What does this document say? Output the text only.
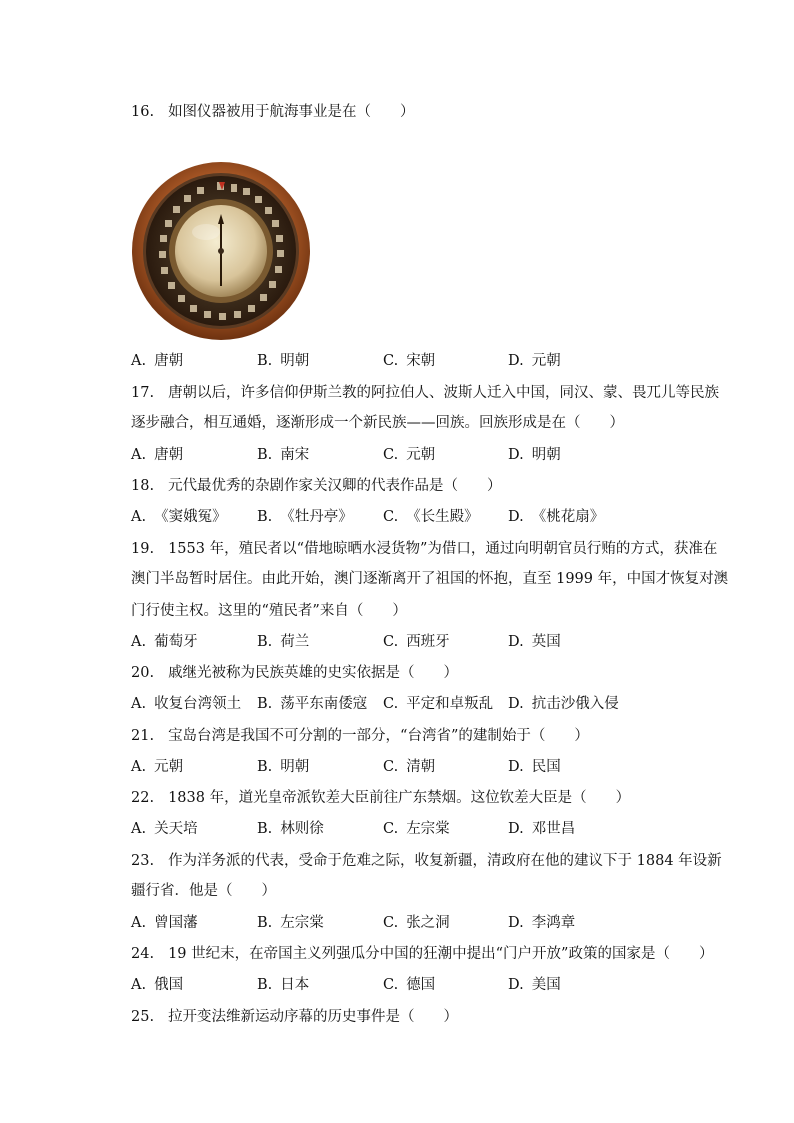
16. 如图仪器被用于航海事业是在（　　）
A. 唐朝	B. 明朝	C. 宋朝	D. 元朝
17. 唐朝以后，许多信仰伊斯兰教的阿拉伯人、波斯人迁入中国，同汉、蒙、畏兀儿等民族
逐步融合，相互通婚，逐渐形成一个新民族——回族。回族形成是在（　　）
A. 唐朝	B. 南宋	C. 元朝	D. 明朝
18. 元代最优秀的杂剧作家关汉卿的代表作品是（　　）
A. 《窦娥冤》 B. 《牡丹亭》 C. 《长生殿》 D. 《桃花扇》
19. 1553 年，殖民者以“借地晾晒水浸货物”为借口，通过向明朝官员行贿的方式，获准在
澳门半岛暂时居住。由此开始，澳门逐渐离开了祖国的怀抱，直至 1999 年，中国才恢复对澳
门行使主权。这里的“殖民者”来自（　　）
A. 葡萄牙	B. 荷兰	C. 西班牙	D. 英国
20. 戚继光被称为民族英雄的史实依据是（　　）
A. 收复台湾领土 B. 荡平东南倭寇 C. 平定和卓叛乱 D. 抗击沙俄入侵
21. 宝岛台湾是我国不可分割的一部分，“台湾省”的建制始于（　　）
A. 元朝	B. 明朝	C. 清朝	D. 民国
22. 1838 年，道光皇帝派钦差大臣前往广东禁烟。这位钦差大臣是（　　）
A. 关天培	B. 林则徐	C. 左宗棠	D. 邓世昌
23. 作为洋务派的代表，受命于危难之际，收复新疆，清政府在他的建议下于 1884 年设新
疆行省．他是（　　）
A. 曾国藩	B. 左宗棠	C. 张之洞	D. 李鸿章
24. 19 世纪末，在帝国主义列强瓜分中国的狂潮中提出“门户开放”政策的国家是（　　）
A. 俄国	B. 日本	C. 德国	D. 美国
25. 拉开变法维新运动序幕的历史事件是（　　）
